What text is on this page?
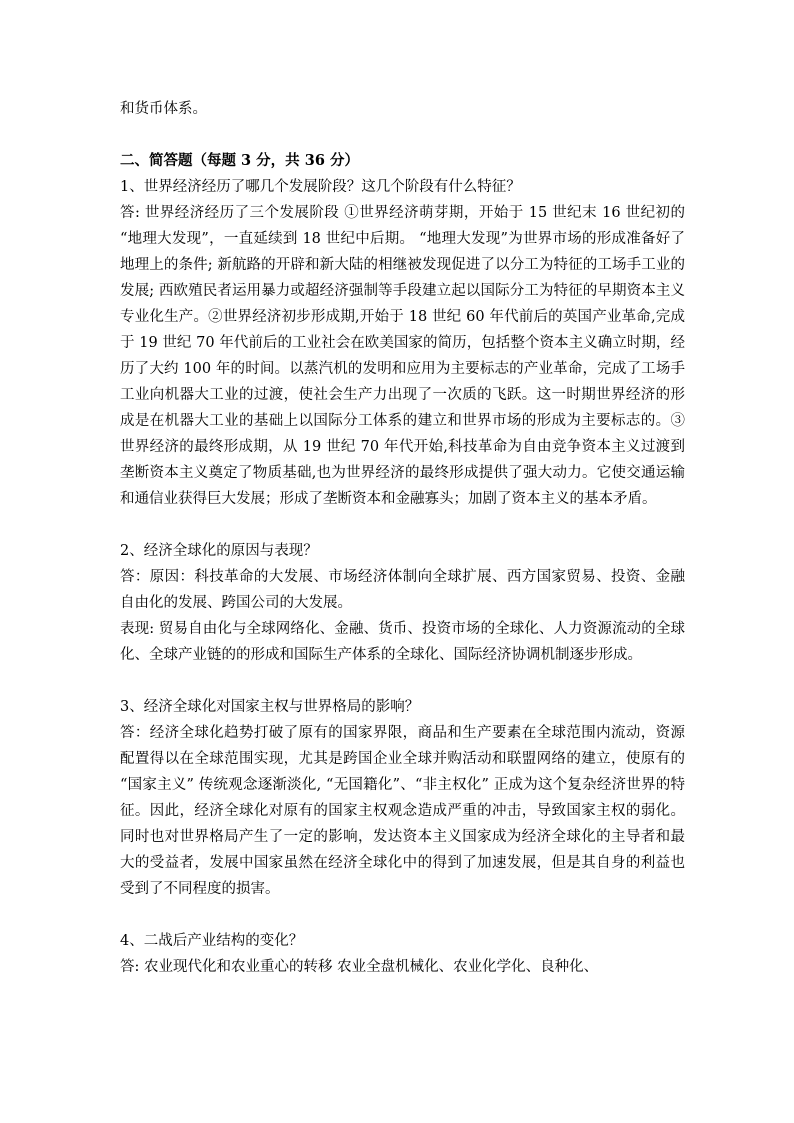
和货币体系。

二、简答题（每题 3 分，共 36 分）

1、世界经济经历了哪几个发展阶段？这几个阶段有什么特征？

答: 世界经济经历了三个发展阶段 ①世界经济萌芽期，开始于 15 世纪末 16 世纪初的 “地理大发现”，一直延续到 18 世纪中后期。 “地理大发现”为世界市场的形成准备好了地理上的条件; 新航路的开辟和新大陆的相继被发现促进了以分工为特征的工场手工业的发展; 西欧殖民者运用暴力或超经济强制等手段建立起以国际分工为特征的早期资本主义专业化生产。②世界经济初步形成期,开始于 18 世纪 60 年代前后的英国产业革命,完成于 19 世纪 70 年代前后的工业社会在欧美国家的简历，包括整个资本主义确立时期，经历了大约 100 年的时间。以蒸汽机的发明和应用为主要标志的产业革命，完成了工场手工业向机器大工业的过渡，使社会生产力出现了一次质的飞跃。这一时期世界经济的形成是在机器大工业的基础上以国际分工体系的建立和世界市场的形成为主要标志的。③世界经济的最终形成期，从 19 世纪 70 年代开始,科技革命为自由竞争资本主义过渡到垄断资本主义奠定了物质基础,也为世界经济的最终形成提供了强大动力。它使交通运输和通信业获得巨大发展；形成了垄断资本和金融寡头；加剧了资本主义的基本矛盾。

2、经济全球化的原因与表现？

答：原因：科技革命的大发展、市场经济体制向全球扩展、西方国家贸易、投资、金融自由化的发展、跨国公司的大发展。

表现: 贸易自由化与全球网络化、金融、货币、投资市场的全球化、人力资源流动的全球化、全球产业链的的形成和国际生产体系的全球化、国际经济协调机制逐步形成。

3、经济全球化对国家主权与世界格局的影响？

答：经济全球化趋势打破了原有的国家界限，商品和生产要素在全球范围内流动，资源配置得以在全球范围实现，尤其是跨国企业全球并购活动和联盟网络的建立，使原有的 “国家主义” 传统观念逐渐淡化, “无国籍化”、“非主权化” 正成为这个复杂经济世界的特征。因此，经济全球化对原有的国家主权观念造成严重的冲击，导致国家主权的弱化。同时也对世界格局产生了一定的影响，发达资本主义国家成为经济全球化的主导者和最大的受益者，发展中国家虽然在经济全球化中的得到了加速发展，但是其自身的利益也受到了不同程度的损害。

4、二战后产业结构的变化？

答: 农业现代化和农业重心的转移 农业全盘机械化、农业化学化、良种化、
